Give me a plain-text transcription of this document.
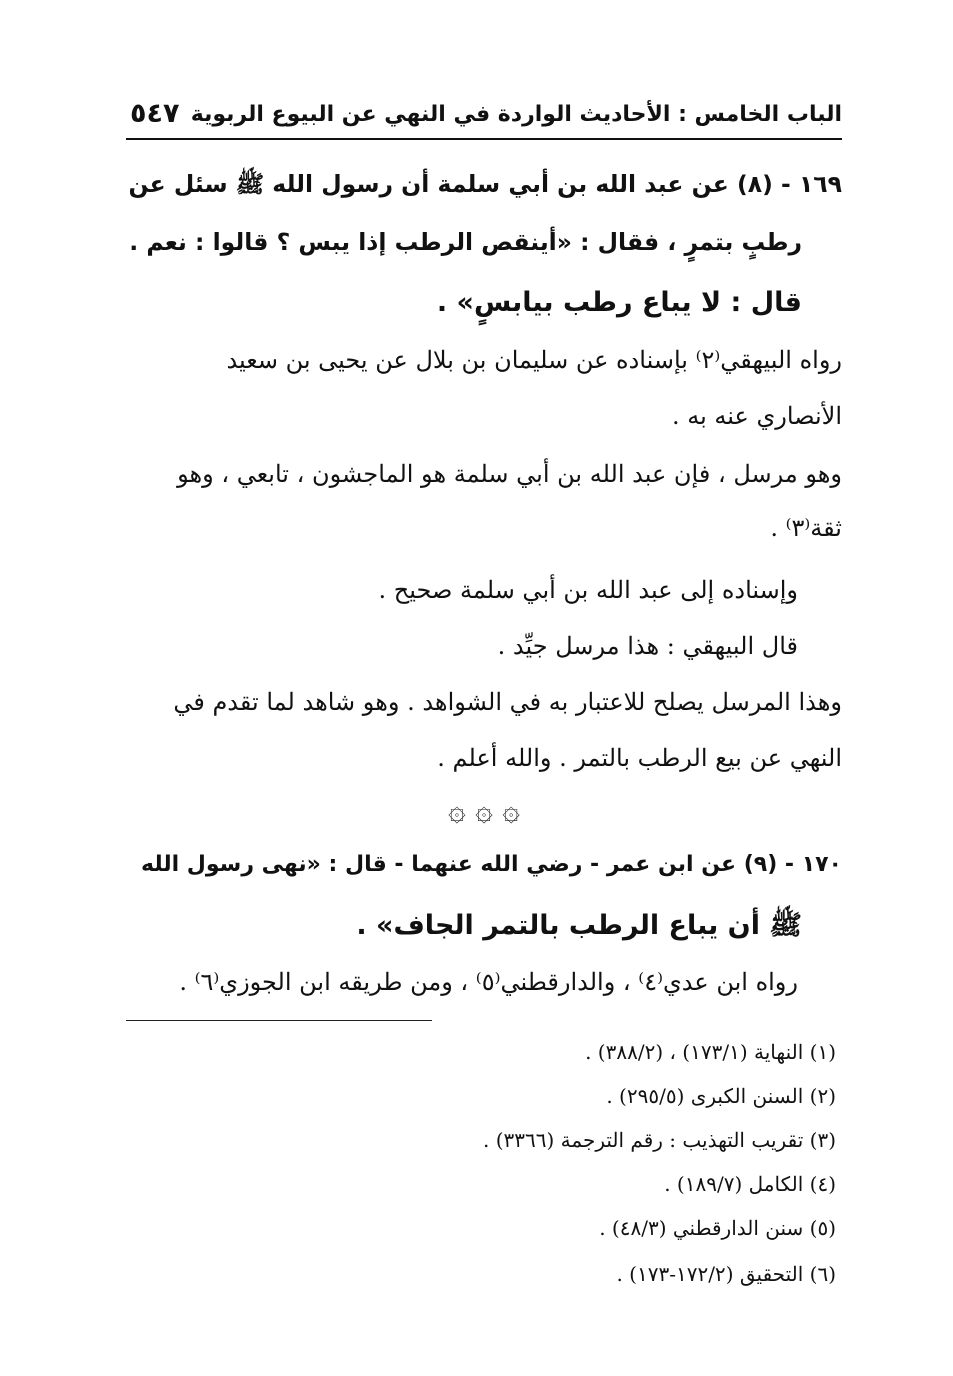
الباب الخامس : الأحاديث الواردة في النهي عن البيوع الربوية
٥٤٧
١٦٩ - (٨) عن عبد الله بن أبي سلمة أن رسول الله ﷺ سئل عن
رطبٍ بتمرٍ ، فقال : «أينقص الرطب إذا يبس ؟ قالوا : نعم .
قال : لا يباع رطب بيابسٍ» .
رواه البيهقي⁽٢⁾ بإسناده عن سليمان بن بلال عن يحيى بن سعيد
الأنصاري عنه به .
وهو مرسل ، فإن عبد الله بن أبي سلمة هو الماجشون ، تابعي ، وهو
ثقة⁽٣⁾ .
وإسناده إلى عبد الله بن أبي سلمة صحيح .
قال البيهقي : هذا مرسل جيِّد .
وهذا المرسل يصلح للاعتبار به في الشواهد . وهو شاهد لما تقدم في
النهي عن بيع الرطب بالتمر . والله أعلم .
۞ ۞ ۞
١٧٠ - (٩) عن ابن عمر - رضي الله عنهما - قال : «نهى رسول الله
ﷺ أن يباع الرطب بالتمر الجاف» .
رواه ابن عدي⁽٤⁾ ، والدارقطني⁽٥⁾ ، ومن طريقه ابن الجوزي⁽٦⁾ .
(١) النهاية (١٧٣/١) ، (٣٨٨/٢) .
(٢) السنن الكبرى (٢٩٥/٥) .
(٣) تقريب التهذيب : رقم الترجمة (٣٣٦٦) .
(٤) الكامل (١٨٩/٧) .
(٥) سنن الدارقطني (٤٨/٣) .
(٦) التحقيق (١٧٢/٢-١٧٣) .
